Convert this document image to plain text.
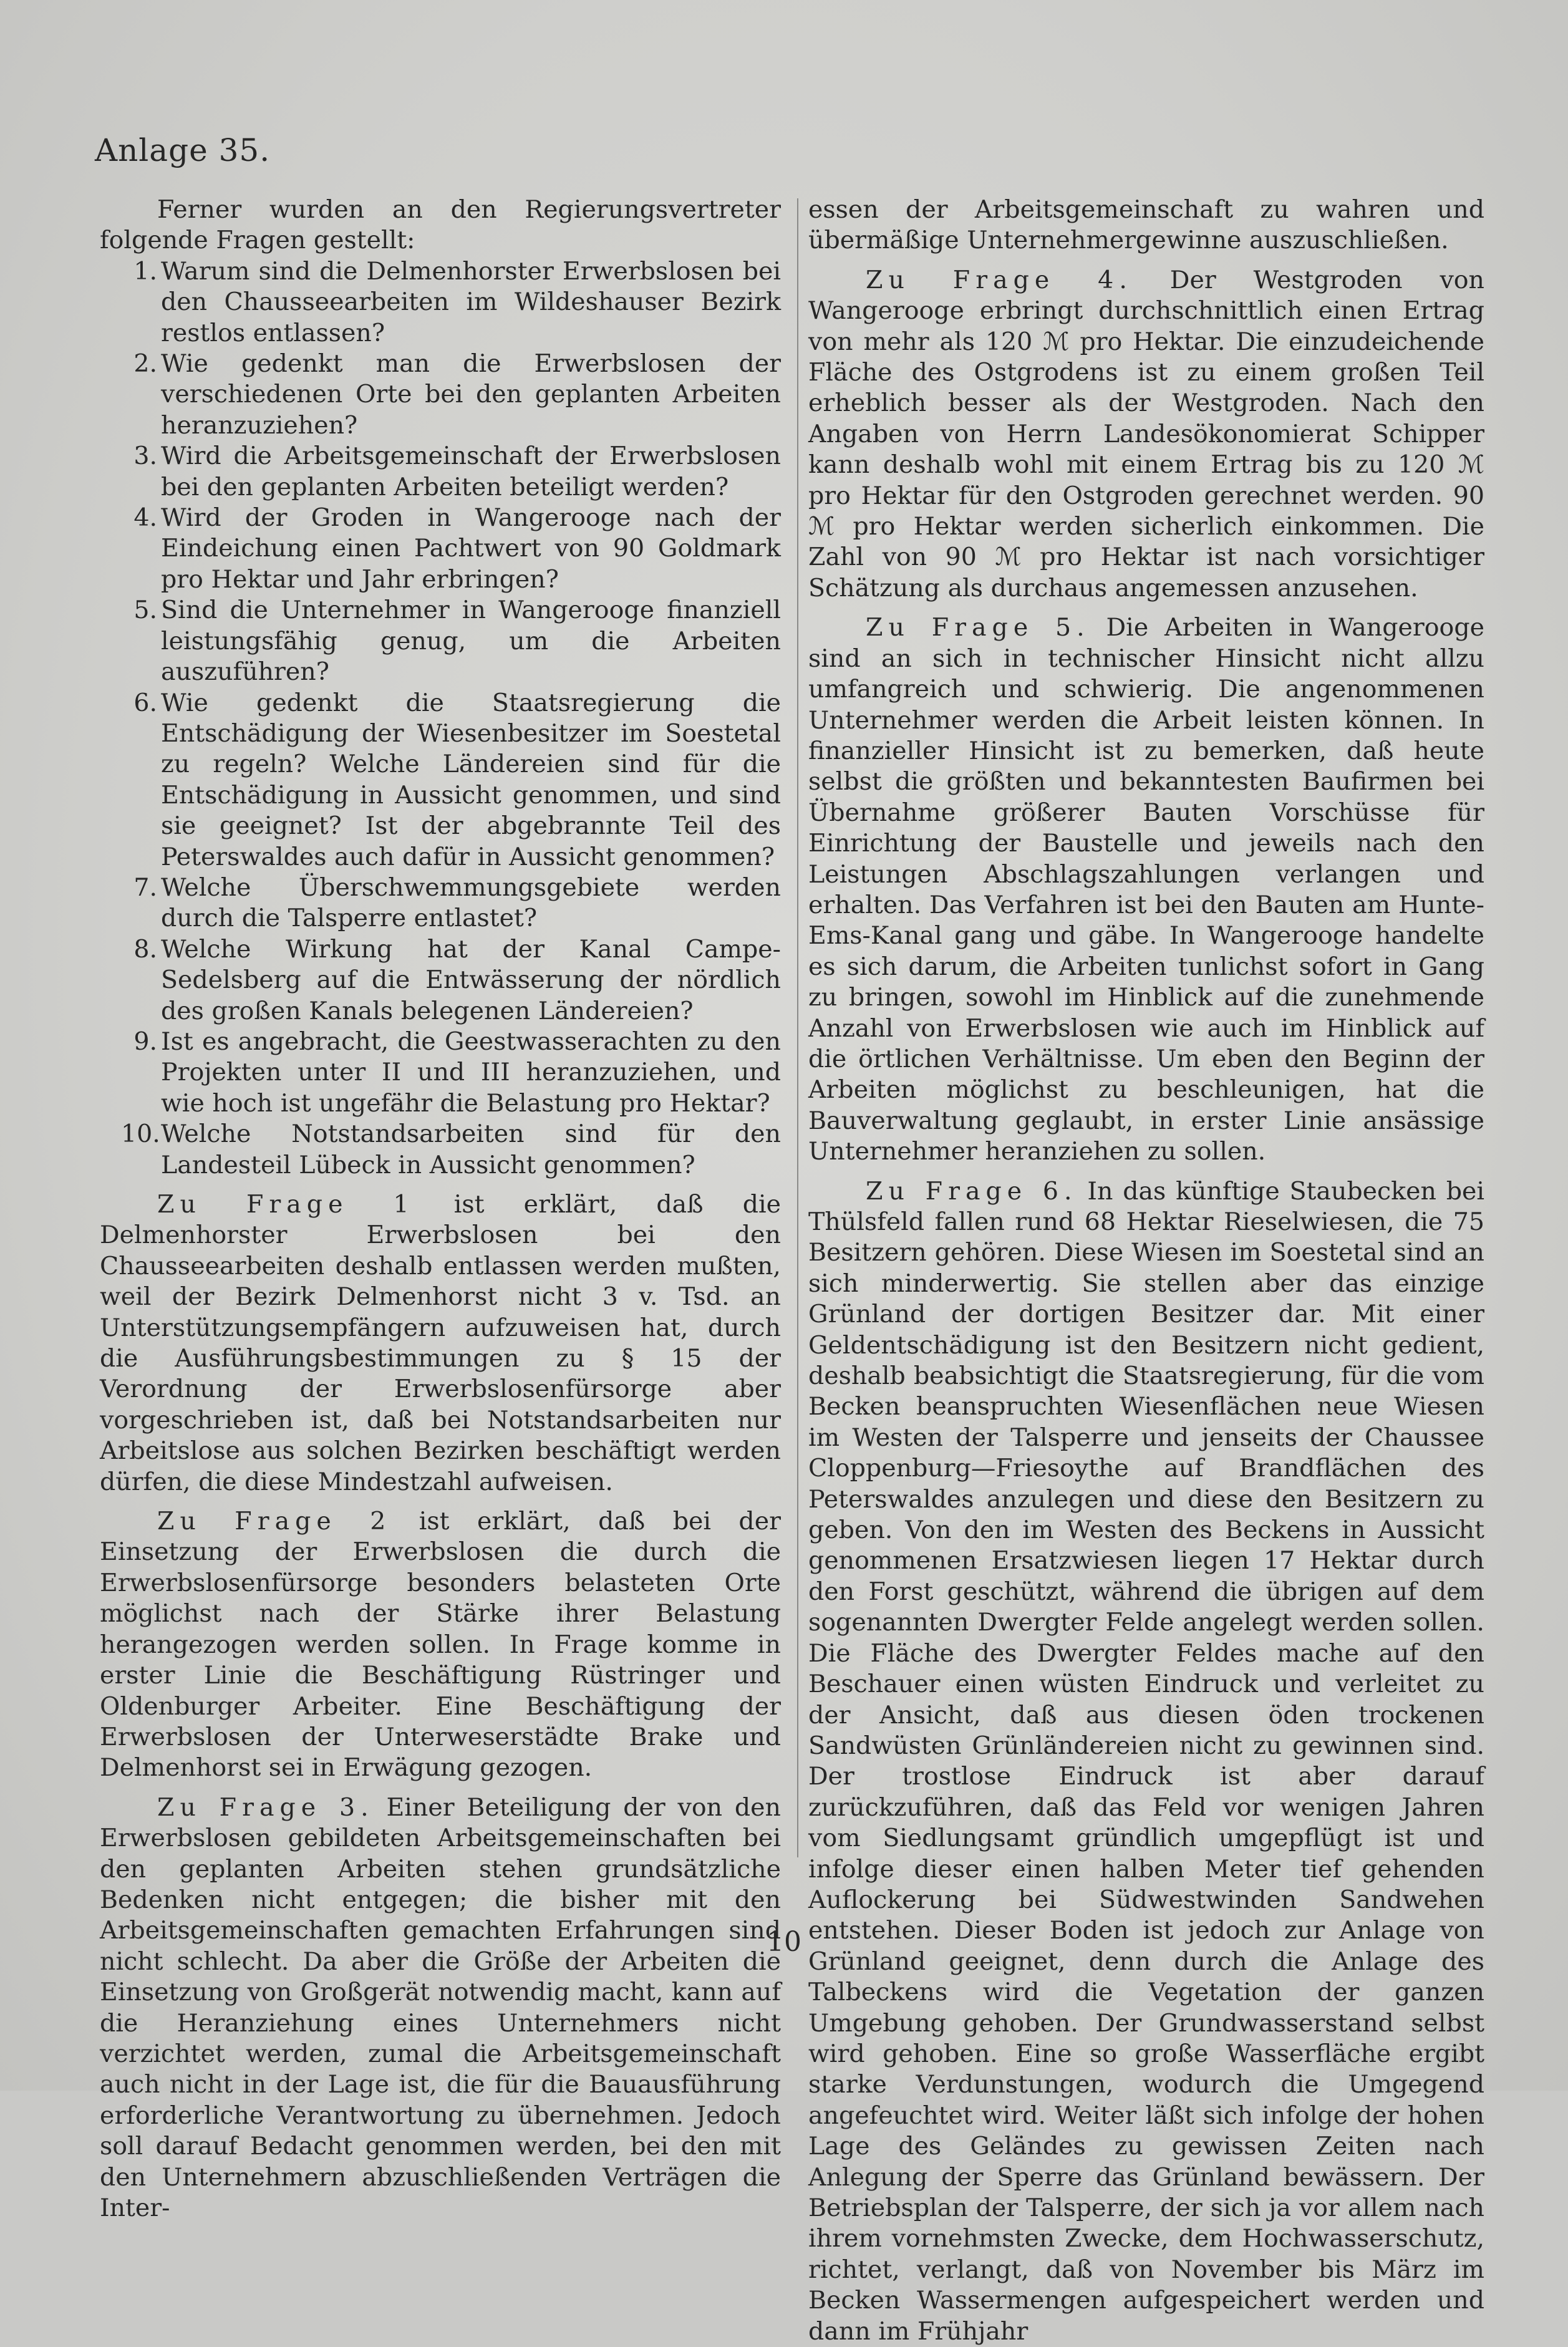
Anlage 35.

Ferner wurden an den Regierungsvertreter folgende Fragen gestellt:

1. Warum sind die Delmenhorster Erwerbslosen bei den Chausseearbeiten im Wildeshauser Bezirk restlos entlassen?
2. Wie gedenkt man die Erwerbslosen der verschiedenen Orte bei den geplanten Arbeiten heranzuziehen?
3. Wird die Arbeitsgemeinschaft der Erwerbslosen bei den geplanten Arbeiten beteiligt werden?
4. Wird der Groden in Wangerooge nach der Eindeichung einen Pachtwert von 90 Goldmark pro Hektar und Jahr erbringen?
5. Sind die Unternehmer in Wangerooge finanziell leistungsfähig genug, um die Arbeiten auszuführen?
6. Wie gedenkt die Staatsregierung die Entschädigung der Wiesenbesitzer im Soestetal zu regeln? Welche Ländereien sind für die Entschädigung in Aussicht genommen, und sind sie geeignet? Ist der abgebrannte Teil des Peterswaldes auch dafür in Aussicht genommen?
7. Welche Überschwemmungsgebiete werden durch die Talsperre entlastet?
8. Welche Wirkung hat der Kanal Campe-Sedelsberg auf die Entwässerung der nördlich des großen Kanals belegenen Ländereien?
9. Ist es angebracht, die Geestwasserachten zu den Projekten unter II und III heranzuziehen, und wie hoch ist ungefähr die Belastung pro Hektar?
10. Welche Notstandsarbeiten sind für den Landesteil Lübeck in Aussicht genommen?

Zu Frage 1 ist erklärt, daß die Delmenhorster Erwerbslosen bei den Chausseearbeiten deshalb entlassen werden mußten, weil der Bezirk Delmenhorst nicht 3 v. Tsd. an Unterstützungsempfängern aufzuweisen hat, durch die Ausführungsbestimmungen zu § 15 der Verordnung der Erwerbslosenfürsorge aber vorgeschrieben ist, daß bei Notstandsarbeiten nur Arbeitslose aus solchen Bezirken beschäftigt werden dürfen, die diese Mindestzahl aufweisen.

Zu Frage 2 ist erklärt, daß bei der Einsetzung der Erwerbslosen die durch die Erwerbslosenfürsorge besonders belasteten Orte möglichst nach der Stärke ihrer Belastung herangezogen werden sollen. In Frage komme in erster Linie die Beschäftigung Rüstringer und Oldenburger Arbeiter. Eine Beschäftigung der Erwerbslosen der Unterweserstädte Brake und Delmenhorst sei in Erwägung gezogen.

Zu Frage 3. Einer Beteiligung der von den Erwerbslosen gebildeten Arbeitsgemeinschaften bei den geplanten Arbeiten stehen grundsätzliche Bedenken nicht entgegen; die bisher mit den Arbeitsgemeinschaften gemachten Erfahrungen sind nicht schlecht. Da aber die Größe der Arbeiten die Einsetzung von Großgerät notwendig macht, kann auf die Heranziehung eines Unternehmers nicht verzichtet werden, zumal die Arbeitsgemeinschaft auch nicht in der Lage ist, die für die Bauausführung erforderliche Verantwortung zu übernehmen. Jedoch soll darauf Bedacht genommen werden, bei den mit den Unternehmern abzuschließenden Verträgen die Inter-

essen der Arbeitsgemeinschaft zu wahren und übermäßige Unternehmergewinne auszuschließen.

Zu Frage 4. Der Westgroden von Wangerooge erbringt durchschnittlich einen Ertrag von mehr als 120 ℳ pro Hektar. Die einzudeichende Fläche des Ostgrodens ist zu einem großen Teil erheblich besser als der Westgroden. Nach den Angaben von Herrn Landesökonomierat Schipper kann deshalb wohl mit einem Ertrag bis zu 120 ℳ pro Hektar für den Ostgroden gerechnet werden. 90 ℳ pro Hektar werden sicherlich einkommen. Die Zahl von 90 ℳ pro Hektar ist nach vorsichtiger Schätzung als durchaus angemessen anzusehen.

Zu Frage 5. Die Arbeiten in Wangerooge sind an sich in technischer Hinsicht nicht allzu umfangreich und schwierig. Die angenommenen Unternehmer werden die Arbeit leisten können. In finanzieller Hinsicht ist zu bemerken, daß heute selbst die größten und bekanntesten Baufirmen bei Übernahme größerer Bauten Vorschüsse für Einrichtung der Baustelle und jeweils nach den Leistungen Abschlagszahlungen verlangen und erhalten. Das Verfahren ist bei den Bauten am Hunte-Ems-Kanal gang und gäbe. In Wangerooge handelte es sich darum, die Arbeiten tunlichst sofort in Gang zu bringen, sowohl im Hinblick auf die zunehmende Anzahl von Erwerbslosen wie auch im Hinblick auf die örtlichen Verhältnisse. Um eben den Beginn der Arbeiten möglichst zu beschleunigen, hat die Bauverwaltung geglaubt, in erster Linie ansässige Unternehmer heranziehen zu sollen.

Zu Frage 6. In das künftige Staubecken bei Thülsfeld fallen rund 68 Hektar Rieselwiesen, die 75 Besitzern gehören. Diese Wiesen im Soestetal sind an sich minderwertig. Sie stellen aber das einzige Grünland der dortigen Besitzer dar. Mit einer Geldentschädigung ist den Besitzern nicht gedient, deshalb beabsichtigt die Staatsregierung, für die vom Becken beanspruchten Wiesenflächen neue Wiesen im Westen der Talsperre und jenseits der Chaussee Cloppenburg—Friesoythe auf Brandflächen des Peterswaldes anzulegen und diese den Besitzern zu geben. Von den im Westen des Beckens in Aussicht genommenen Ersatzwiesen liegen 17 Hektar durch den Forst geschützt, während die übrigen auf dem sogenannten Dwergter Felde angelegt werden sollen. Die Fläche des Dwergter Feldes mache auf den Beschauer einen wüsten Eindruck und verleitet zu der Ansicht, daß aus diesen öden trockenen Sandwüsten Grünländereien nicht zu gewinnen sind. Der trostlose Eindruck ist aber darauf zurückzuführen, daß das Feld vor wenigen Jahren vom Siedlungsamt gründlich umgepflügt ist und infolge dieser einen halben Meter tief gehenden Auflockerung bei Südwestwinden Sandwehen entstehen. Dieser Boden ist jedoch zur Anlage von Grünland geeignet, denn durch die Anlage des Talbeckens wird die Vegetation der ganzen Umgebung gehoben. Der Grundwasserstand selbst wird gehoben. Eine so große Wasserfläche ergibt starke Verdunstungen, wodurch die Umgegend angefeuchtet wird. Weiter läßt sich infolge der hohen Lage des Geländes zu gewissen Zeiten nach Anlegung der Sperre das Grünland bewässern. Der Betriebsplan der Talsperre, der sich ja vor allem nach ihrem vornehmsten Zwecke, dem Hochwasserschutz, richtet, verlangt, daß von November bis März im Becken Wassermengen aufgespeichert werden und dann im Frühjahr

10
